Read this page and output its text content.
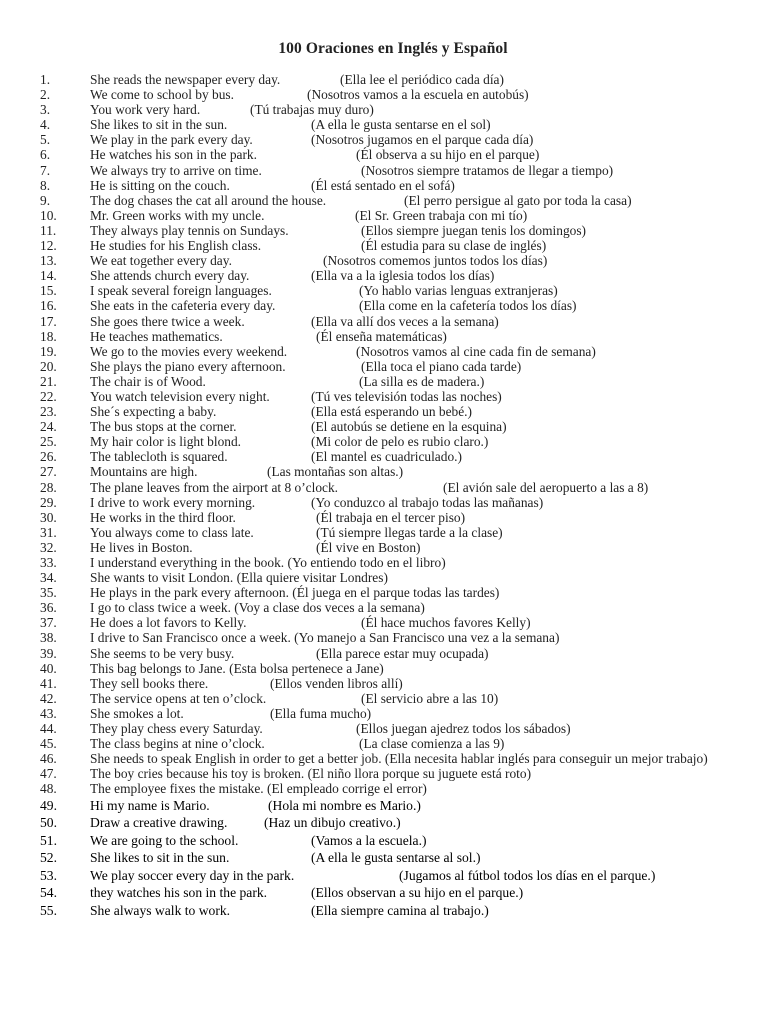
100 Oraciones en Inglés y Español
1.	She reads the newspaper every day.	(Ella lee el periódico cada día)
2.	We come to school by bus.	(Nosotros vamos a la escuela en autobús)
3.	You work very hard.	(Tú trabajas muy duro)
4.	She likes to sit in the sun.	(A ella le gusta sentarse en el sol)
5.	We play in the park every day.	(Nosotros jugamos en el parque cada día)
6.	He watches his son in the park.	(Él observa a su hijo en el parque)
7.	We always try to arrive on time.	(Nosotros siempre tratamos de llegar a tiempo)
8.	He is sitting on the couch.	(Él está sentado en el sofá)
9.	The dog chases the cat all around the house.	(El perro persigue al gato por toda la casa)
10. Mr. Green works with my uncle.	(El Sr. Green trabaja con mi tío)
11.	They always play tennis on Sundays.	(Ellos siempre juegan tenis los domingos)
12. He studies for his English class.	(Él estudia para su clase de inglés)
13. We eat together every day.	(Nosotros comemos juntos todos los días)
14. She attends church every day.	(Ella va a la iglesia todos los días)
15. I speak several foreign languages.	(Yo hablo varias lenguas extranjeras)
16. She eats in the cafeteria every day.	(Ella come en la cafetería todos los días)
17. She goes there twice a week.	(Ella va allí dos veces a la semana)
18. He teaches mathematics.	(Él enseña matemáticas)
19. We go to the movies every weekend.	(Nosotros vamos al cine cada fin de semana)
20. She plays the piano every afternoon.	(Ella toca el piano cada tarde)
21. The chair is of Wood.	(La silla es de madera.)
22. You watch television every night.	(Tú ves televisión todas las noches)
23. She´s expecting a baby.	(Ella está esperando un bebé.)
24. The bus stops at the corner.	(El autobús se detiene en la esquina)
25. My hair color is light blond.	(Mi color de pelo es rubio claro.)
26. The tablecloth is squared.	(El mantel es cuadriculado.)
27. Mountains are high.	(Las montañas son altas.)
28. The plane leaves from the airport at 8 o’clock.	(El avión sale del aeropuerto a las a 8)
29. I drive to work every morning.	(Yo conduzco al trabajo todas las mañanas)
30. He works in the third floor.	(Él trabaja en el tercer piso)
31. You always come to class late.	(Tú siempre llegas tarde a la clase)
32. He lives in Boston.	(Él vive en Boston)
33. I understand everything in the book. (Yo entiendo todo en el libro)
34. She wants to visit London. (Ella quiere visitar Londres)
35. He plays in the park every afternoon. (Él juega en el parque todas las tardes)
36. I go to class twice a week. (Voy a clase dos veces a la semana)
37. He does a lot favors to Kelly.	(Él hace muchos favores Kelly)
38. I drive to San Francisco once a week. (Yo manejo a San Francisco una vez a la semana)
39. She seems to be very busy.	(Ella parece estar muy ocupada)
40. This bag belongs to Jane. (Esta bolsa pertenece a Jane)
41. They sell books there.	(Ellos venden libros allí)
42. The service opens at ten o’clock.	(El servicio abre a las 10)
43. She smokes a lot.	(Ella fuma mucho)
44. They play chess every Saturday.	(Ellos juegan ajedrez todos los sábados)
45. The class begins at nine o’clock.	(La clase comienza a las 9)
46.	She needs to speak English in order to get a better job. (Ella necesita hablar inglés para conseguir un mejor trabajo)
47. The boy cries because his toy is broken. (El niño llora porque su juguete está roto)
48. The employee fixes the mistake. (El empleado corrige el error)
49. Hi my name is Mario.	(Hola mi nombre es Mario.)
50. Draw a creative drawing.	(Haz un dibujo creativo.)
51. We are going to the school.	(Vamos a la escuela.)
52. She likes to sit in the sun.	(A ella le gusta sentarse al sol.)
53. We play soccer every day in the park.	(Jugamos al fútbol todos los días en el parque.)
54. they watches his son in the park.	(Ellos observan a su hijo en el parque.)
55. She always walk to work.	(Ella siempre camina al trabajo.)
